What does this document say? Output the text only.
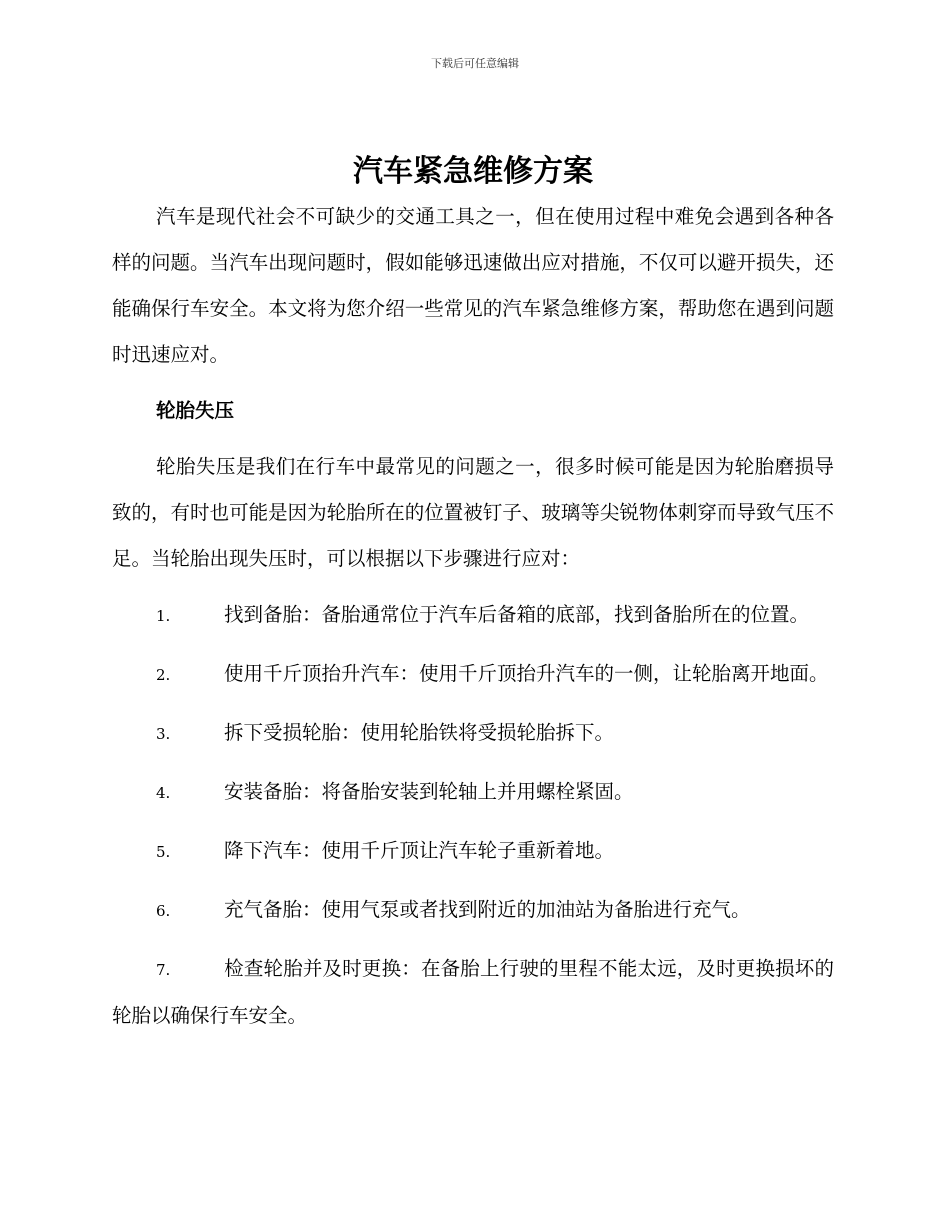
下载后可任意编辑
汽车紧急维修方案

汽车是现代社会不可缺少的交通工具之一，但在使用过程中难免会遇到各种各样的问题。当汽车出现问题时，假如能够迅速做出应对措施，不仅可以避开损失，还能确保行车安全。本文将为您介绍一些常见的汽车紧急维修方案，帮助您在遇到问题时迅速应对。

轮胎失压

轮胎失压是我们在行车中最常见的问题之一，很多时候可能是因为轮胎磨损导致的，有时也可能是因为轮胎所在的位置被钉子、玻璃等尖锐物体刺穿而导致气压不足。当轮胎出现失压时，可以根据以下步骤进行应对：

1.	找到备胎：备胎通常位于汽车后备箱的底部，找到备胎所在的位置。

2.	使用千斤顶抬升汽车：使用千斤顶抬升汽车的一侧，让轮胎离开地面。

3.	拆下受损轮胎：使用轮胎铁将受损轮胎拆下。

4.	安装备胎：将备胎安装到轮轴上并用螺栓紧固。

5.	降下汽车：使用千斤顶让汽车轮子重新着地。

6.	充气备胎：使用气泵或者找到附近的加油站为备胎进行充气。

7.	检查轮胎并及时更换：在备胎上行驶的里程不能太远，及时更换损坏的轮胎以确保行车安全。
